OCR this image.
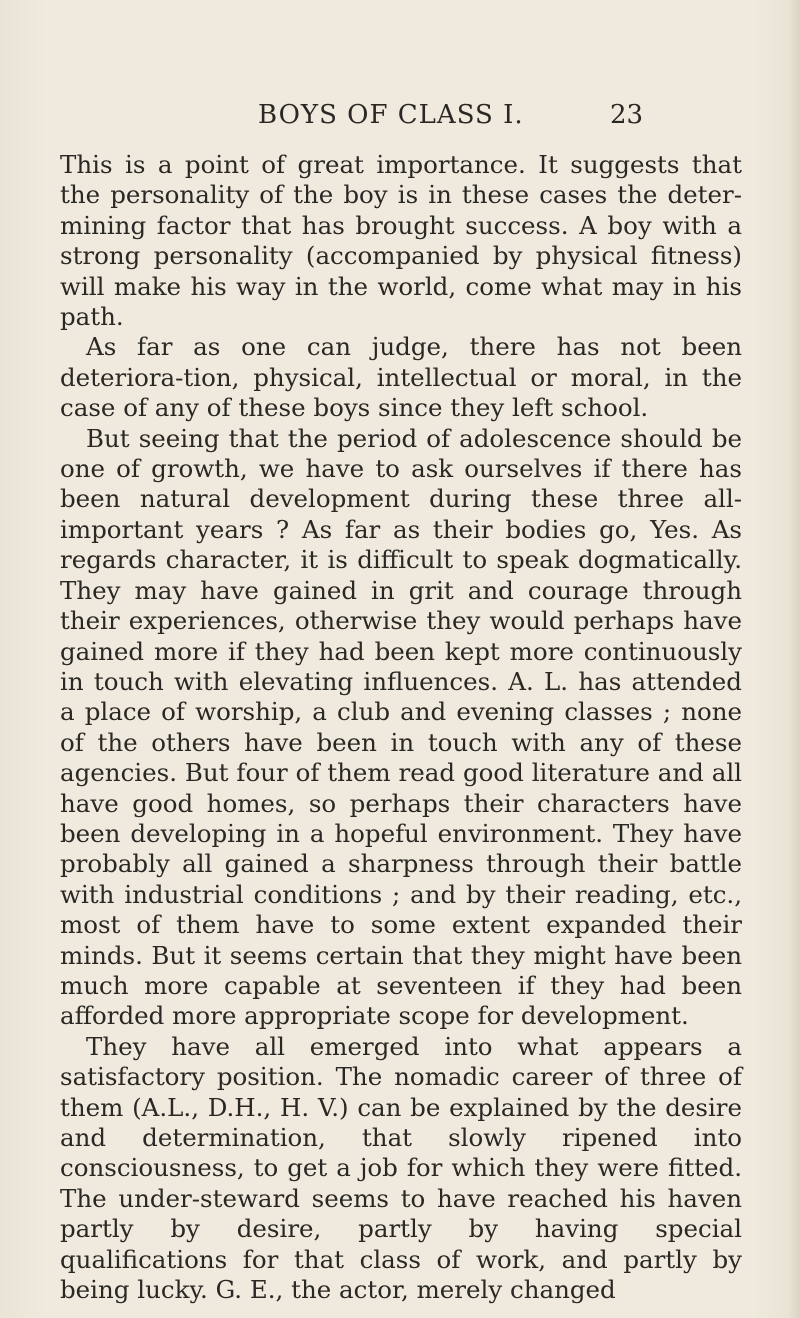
BOYS OF CLASS I.	23

This is a point of great importance. It suggests that the personality of the boy is in these cases the deter-mining factor that has brought success. A boy with a strong personality (accompanied by physical fitness) will make his way in the world, come what may in his path.

As far as one can judge, there has not been deteriora-tion, physical, intellectual or moral, in the case of any of these boys since they left school.

But seeing that the period of adolescence should be one of growth, we have to ask ourselves if there has been natural development during these three all-important years ? As far as their bodies go, Yes. As regards character, it is difficult to speak dogmatically. They may have gained in grit and courage through their experiences, otherwise they would perhaps have gained more if they had been kept more continuously in touch with elevating influences. A. L. has attended a place of worship, a club and evening classes ; none of the others have been in touch with any of these agencies. But four of them read good literature and all have good homes, so perhaps their characters have been developing in a hopeful environment. They have probably all gained a sharpness through their battle with industrial conditions ; and by their reading, etc., most of them have to some extent expanded their minds. But it seems certain that they might have been much more capable at seventeen if they had been afforded more appropriate scope for development.

They have all emerged into what appears a satisfactory position. The nomadic career of three of them (A.L., D.H., H. V.) can be explained by the desire and determination, that slowly ripened into consciousness, to get a job for which they were fitted. The under-steward seems to have reached his haven partly by desire, partly by having special qualifications for that class of work, and partly by being lucky. G. E., the actor, merely changed
